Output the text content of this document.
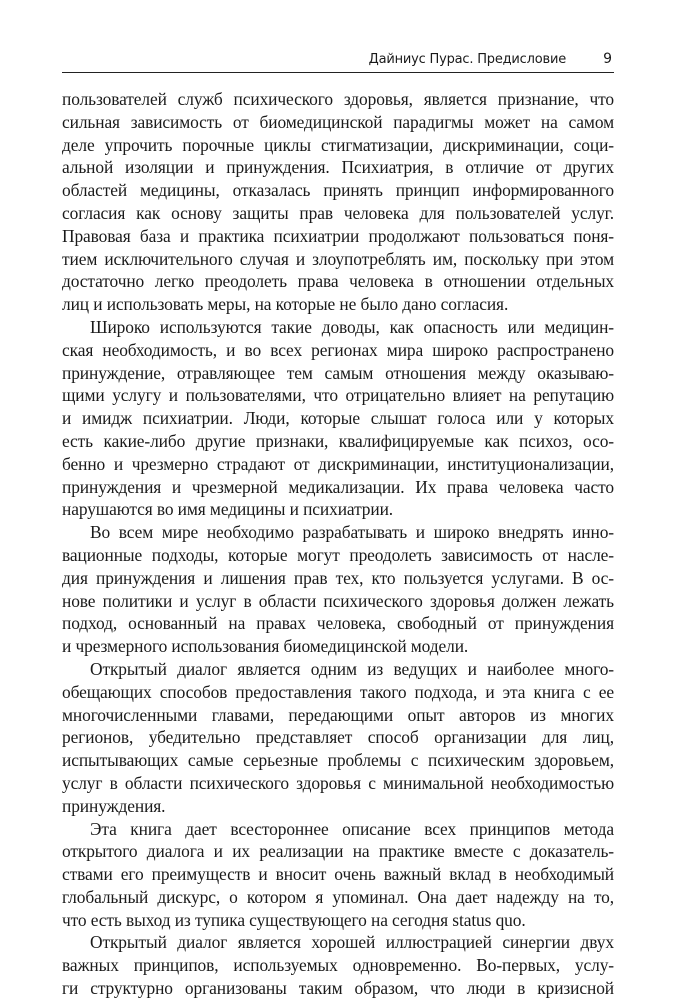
Дайниус Пурас. Предисловие	9
пользователей служб психического здоровья, является признание, что
сильная зависимость от биомедицинской парадигмы может на самом
деле упрочить порочные циклы стигматизации, дискриминации, соци-
альной изоляции и принуждения. Психиатрия, в отличие от других
областей медицины, отказалась принять принцип информированного
согласия как основу защиты прав человека для пользователей услуг.
Правовая база и практика психиатрии продолжают пользоваться поня-
тием исключительного случая и злоупотреблять им, поскольку при этом
достаточно легко преодолеть права человека в отношении отдельных
лиц и использовать меры, на которые не было дано согласия.
Широко используются такие доводы, как опасность или медицин-
ская необходимость, и во всех регионах мира широко распространено
принуждение, отравляющее тем самым отношения между оказываю-
щими услугу и пользователями, что отрицательно влияет на репутацию
и имидж психиатрии. Люди, которые слышат голоса или у которых
есть какие-либо другие признаки, квалифицируемые как психоз, осо-
бенно и чрезмерно страдают от дискриминации, институционализации,
принуждения и чрезмерной медикализации. Их права человека часто
нарушаются во имя медицины и психиатрии.
Во всем мире необходимо разрабатывать и широко внедрять инно-
вационные подходы, которые могут преодолеть зависимость от насле-
дия принуждения и лишения прав тех, кто пользуется услугами. В ос-
нове политики и услуг в области психического здоровья должен лежать
подход, основанный на правах человека, свободный от принуждения
и чрезмерного использования биомедицинской модели.
Открытый диалог является одним из ведущих и наиболее много-
обещающих способов предоставления такого подхода, и эта книга с ее
многочисленными главами, передающими опыт авторов из многих
регионов, убедительно представляет способ организации для лиц,
испытывающих самые серьезные проблемы с психическим здоровьем,
услуг в области психического здоровья с минимальной необходимостью
принуждения.
Эта книга дает всестороннее описание всех принципов метода
открытого диалога и их реализации на практике вместе с доказатель-
ствами его преимуществ и вносит очень важный вклад в необходимый
глобальный дискурс, о котором я упоминал. Она дает надежду на то,
что есть выход из тупика существующего на сегодня status quo.
Открытый диалог является хорошей иллюстрацией синергии двух
важных принципов, используемых одновременно. Во-первых, услу-
ги структурно организованы таким образом, что люди в кризисной
